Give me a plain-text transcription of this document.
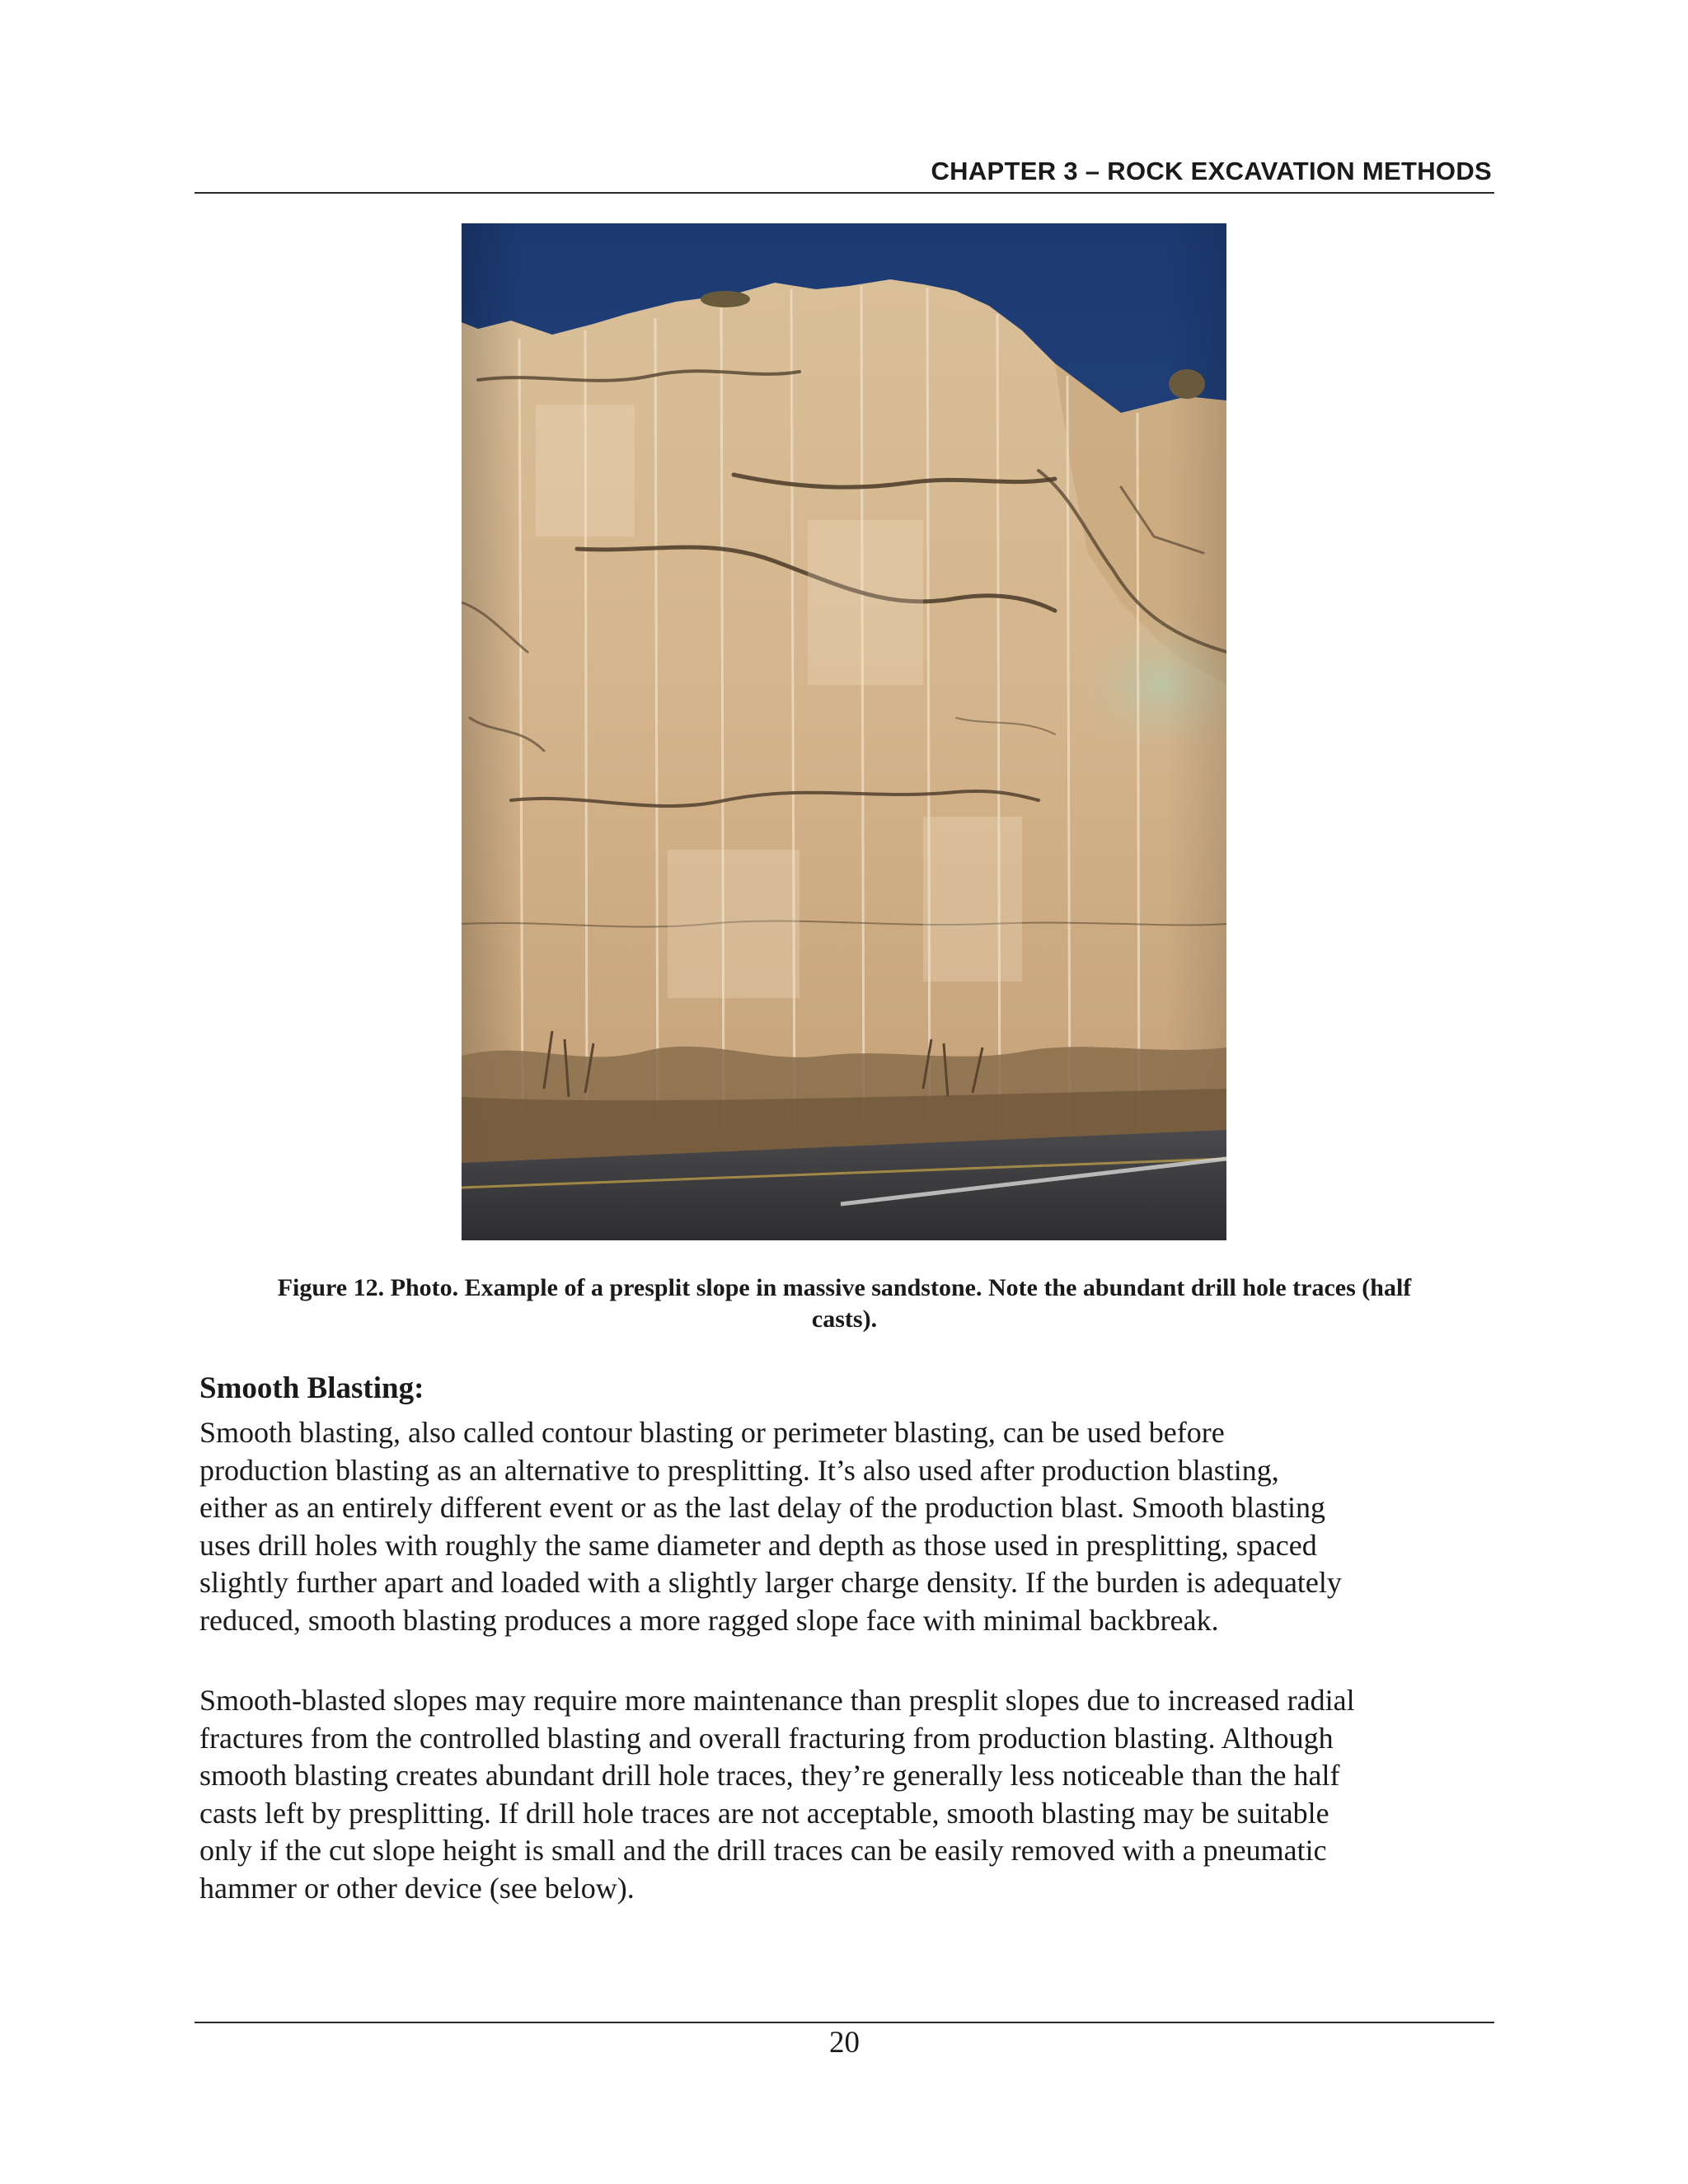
CHAPTER 3 – ROCK EXCAVATION METHODS
Figure 12. Photo. Example of a presplit slope in massive sandstone. Note the abundant drill hole traces (half
casts).
Smooth Blasting:
Smooth blasting, also called contour blasting or perimeter blasting, can be used before
production blasting as an alternative to presplitting. It’s also used after production blasting,
either as an entirely different event or as the last delay of the production blast. Smooth blasting
uses drill holes with roughly the same diameter and depth as those used in presplitting, spaced
slightly further apart and loaded with a slightly larger charge density. If the burden is adequately
reduced, smooth blasting produces a more ragged slope face with minimal backbreak.
Smooth-blasted slopes may require more maintenance than presplit slopes due to increased radial
fractures from the controlled blasting and overall fracturing from production blasting. Although
smooth blasting creates abundant drill hole traces, they’re generally less noticeable than the half
casts left by presplitting. If drill hole traces are not acceptable, smooth blasting may be suitable
only if the cut slope height is small and the drill traces can be easily removed with a pneumatic
hammer or other device (see below).
20
